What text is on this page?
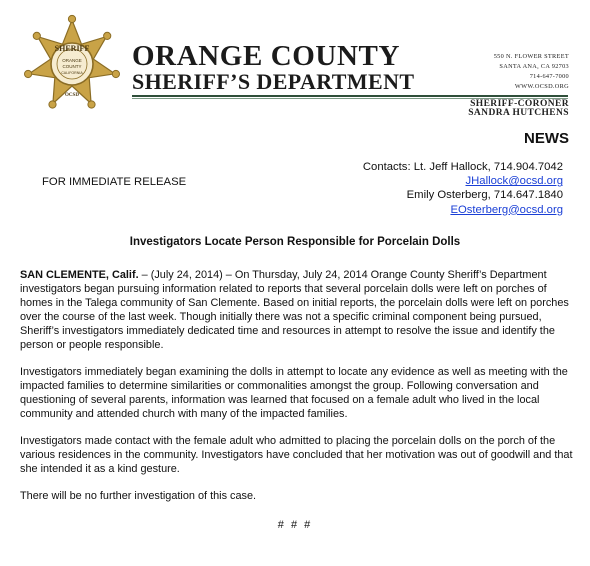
SHERIFF
ORANGE
COUNTY
CALIFORNIA
OCSD
ORANGE COUNTY
SHERIFF’S DEPARTMENT
550 N. FLOWER STREET
SANTA ANA, CA 92703
714-647-7000
WWW.OCSD.ORG
SHERIFF-CORONER
SANDRA HUTCHENS
NEWS
FOR IMMEDIATE RELEASE
Contacts: Lt. Jeff Hallock, 714.904.7042
JHallock@ocsd.org
Emily Osterberg, 714.647.1840
EOsterberg@ocsd.org
Investigators Locate Person Responsible for Porcelain Dolls

SAN CLEMENTE, Calif. – (July 24, 2014) – On Thursday, July 24, 2014 Orange County Sheriff’s Department investigators began pursuing information related to reports that several porcelain dolls were left on porches of homes in the Talega community of San Clemente. Based on initial reports, the porcelain dolls were left on porches over the course of the last week. Though initially there was not a specific criminal component being pursued, Sheriff’s investigators immediately dedicated time and resources in attempt to resolve the issue and identify the person or people responsible.

Investigators immediately began examining the dolls in attempt to locate any evidence as well as meeting with the impacted families to determine similarities or commonalities amongst the group. Following conversation and questioning of several parents, information was learned that focused on a female adult who lived in the local community and attended church with many of the impacted families.

Investigators made contact with the female adult who admitted to placing the porcelain dolls on the porch of the various residences in the community. Investigators have concluded that her motivation was out of goodwill and that she intended it as a kind gesture.

There will be no further investigation of this case.

# # #
